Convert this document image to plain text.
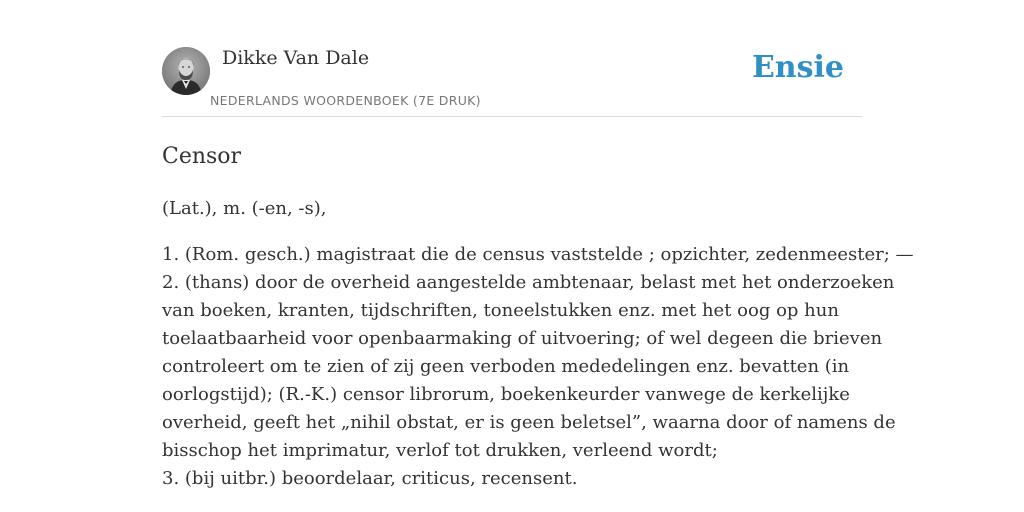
Dikke Van Dale
NEDERLANDS WOORDENBOEK (7E DRUK)
Ensie
Censor

(Lat.), m. (-en, -s),

1. (Rom. gesch.) magistraat die de census vaststelde ; opzichter, zedenmeester; —
2. (thans) door de overheid aangestelde ambtenaar, belast met het onderzoeken
van boeken, kranten, tijdschriften, toneelstukken enz. met het oog op hun
toelaatbaarheid voor openbaarmaking of uitvoering; of wel degeen die brieven
controleert om te zien of zij geen verboden mededelingen enz. bevatten (in
oorlogstijd); (R.-K.) censor librorum, boekenkeurder vanwege de kerkelijke
overheid, geeft het „nihil obstat, er is geen beletsel”, waarna door of namens de
bisschop het imprimatur, verlof tot drukken, verleend wordt;
3. (bij uitbr.) beoordelaar, criticus, recensent.
